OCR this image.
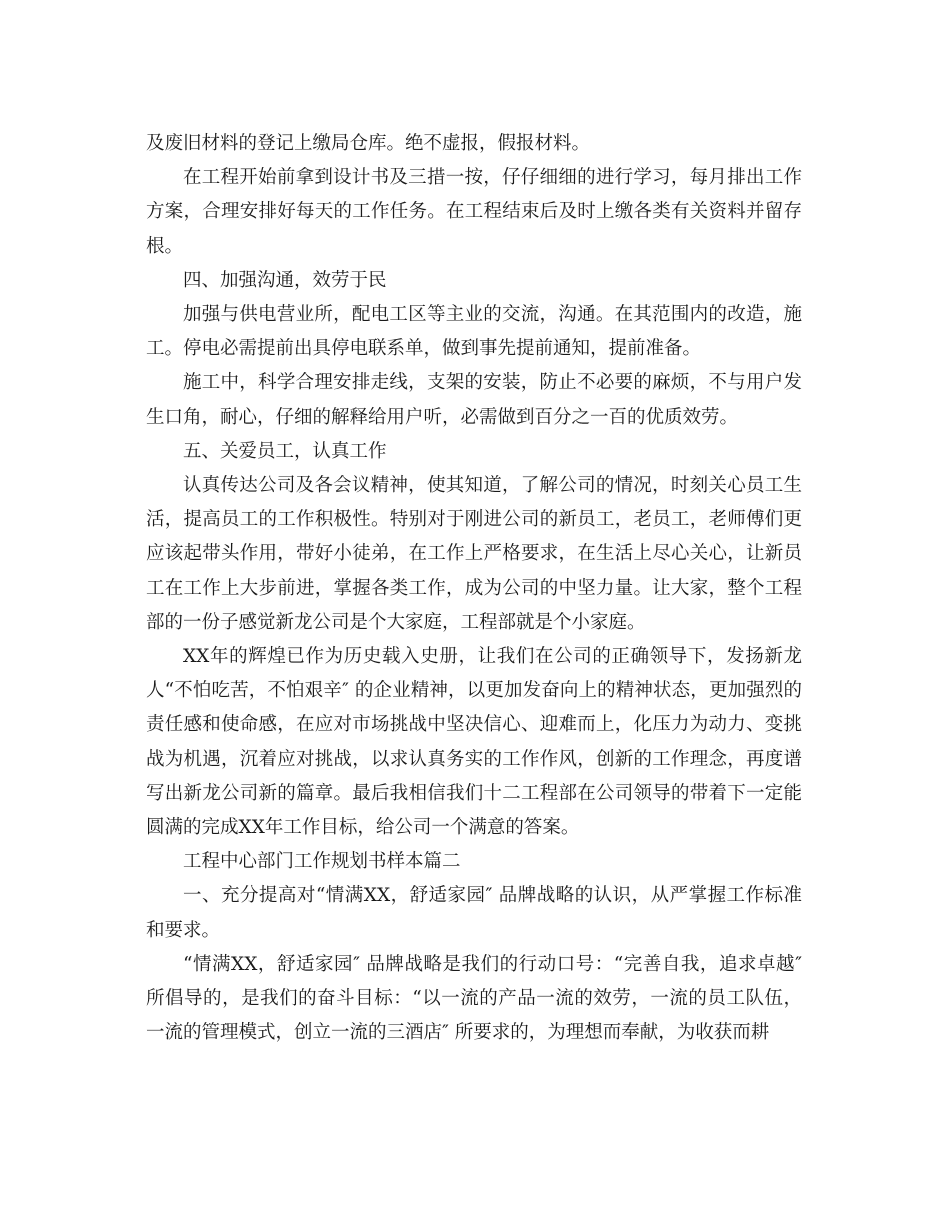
及废旧材料的登记上缴局仓库。绝不虚报，假报材料。

在工程开始前拿到设计书及三措一按，仔仔细细的进行学习，每月排出工作方案，合理安排好每天的工作任务。在工程结束后及时上缴各类有关资料并留存根。

四、加强沟通，效劳于民

加强与供电营业所，配电工区等主业的交流，沟通。在其范围内的改造，施工。停电必需提前出具停电联系单，做到事先提前通知，提前准备。

施工中，科学合理安排走线，支架的安装，防止不必要的麻烦，不与用户发生口角，耐心，仔细的解释给用户听，必需做到百分之一百的优质效劳。

五、关爱员工，认真工作

认真传达公司及各会议精神，使其知道，了解公司的情况，时刻关心员工生活，提高员工的工作积极性。特别对于刚进公司的新员工，老员工，老师傅们更应该起带头作用，带好小徒弟，在工作上严格要求，在生活上尽心关心，让新员工在工作上大步前进，掌握各类工作，成为公司的中坚力量。让大家，整个工程部的一份子感觉新龙公司是个大家庭，工程部就是个小家庭。

XX年的辉煌已作为历史载入史册，让我们在公司的正确领导下，发扬新龙人“不怕吃苦，不怕艰辛″ 的企业精神，以更加发奋向上的精神状态，更加强烈的责任感和使命感，在应对市场挑战中坚决信心、迎难而上，化压力为动力、变挑战为机遇，沉着应对挑战，以求认真务实的工作作风，创新的工作理念，再度谱写出新龙公司新的篇章。最后我相信我们十二工程部在公司领导的带着下一定能圆满的完成XX年工作目标，给公司一个满意的答案。

工程中心部门工作规划书样本篇二

一、充分提高对“情满XX，舒适家园″ 品牌战略的认识，从严掌握工作标准和要求。

“情满XX，舒适家园″ 品牌战略是我们的行动口号：“完善自我，追求卓越″ 所倡导的，是我们的奋斗目标：“以一流的产品一流的效劳，一流的员工队伍，一流的管理模式，创立一流的三酒店″ 所要求的，为理想而奉献，为收获而耕
